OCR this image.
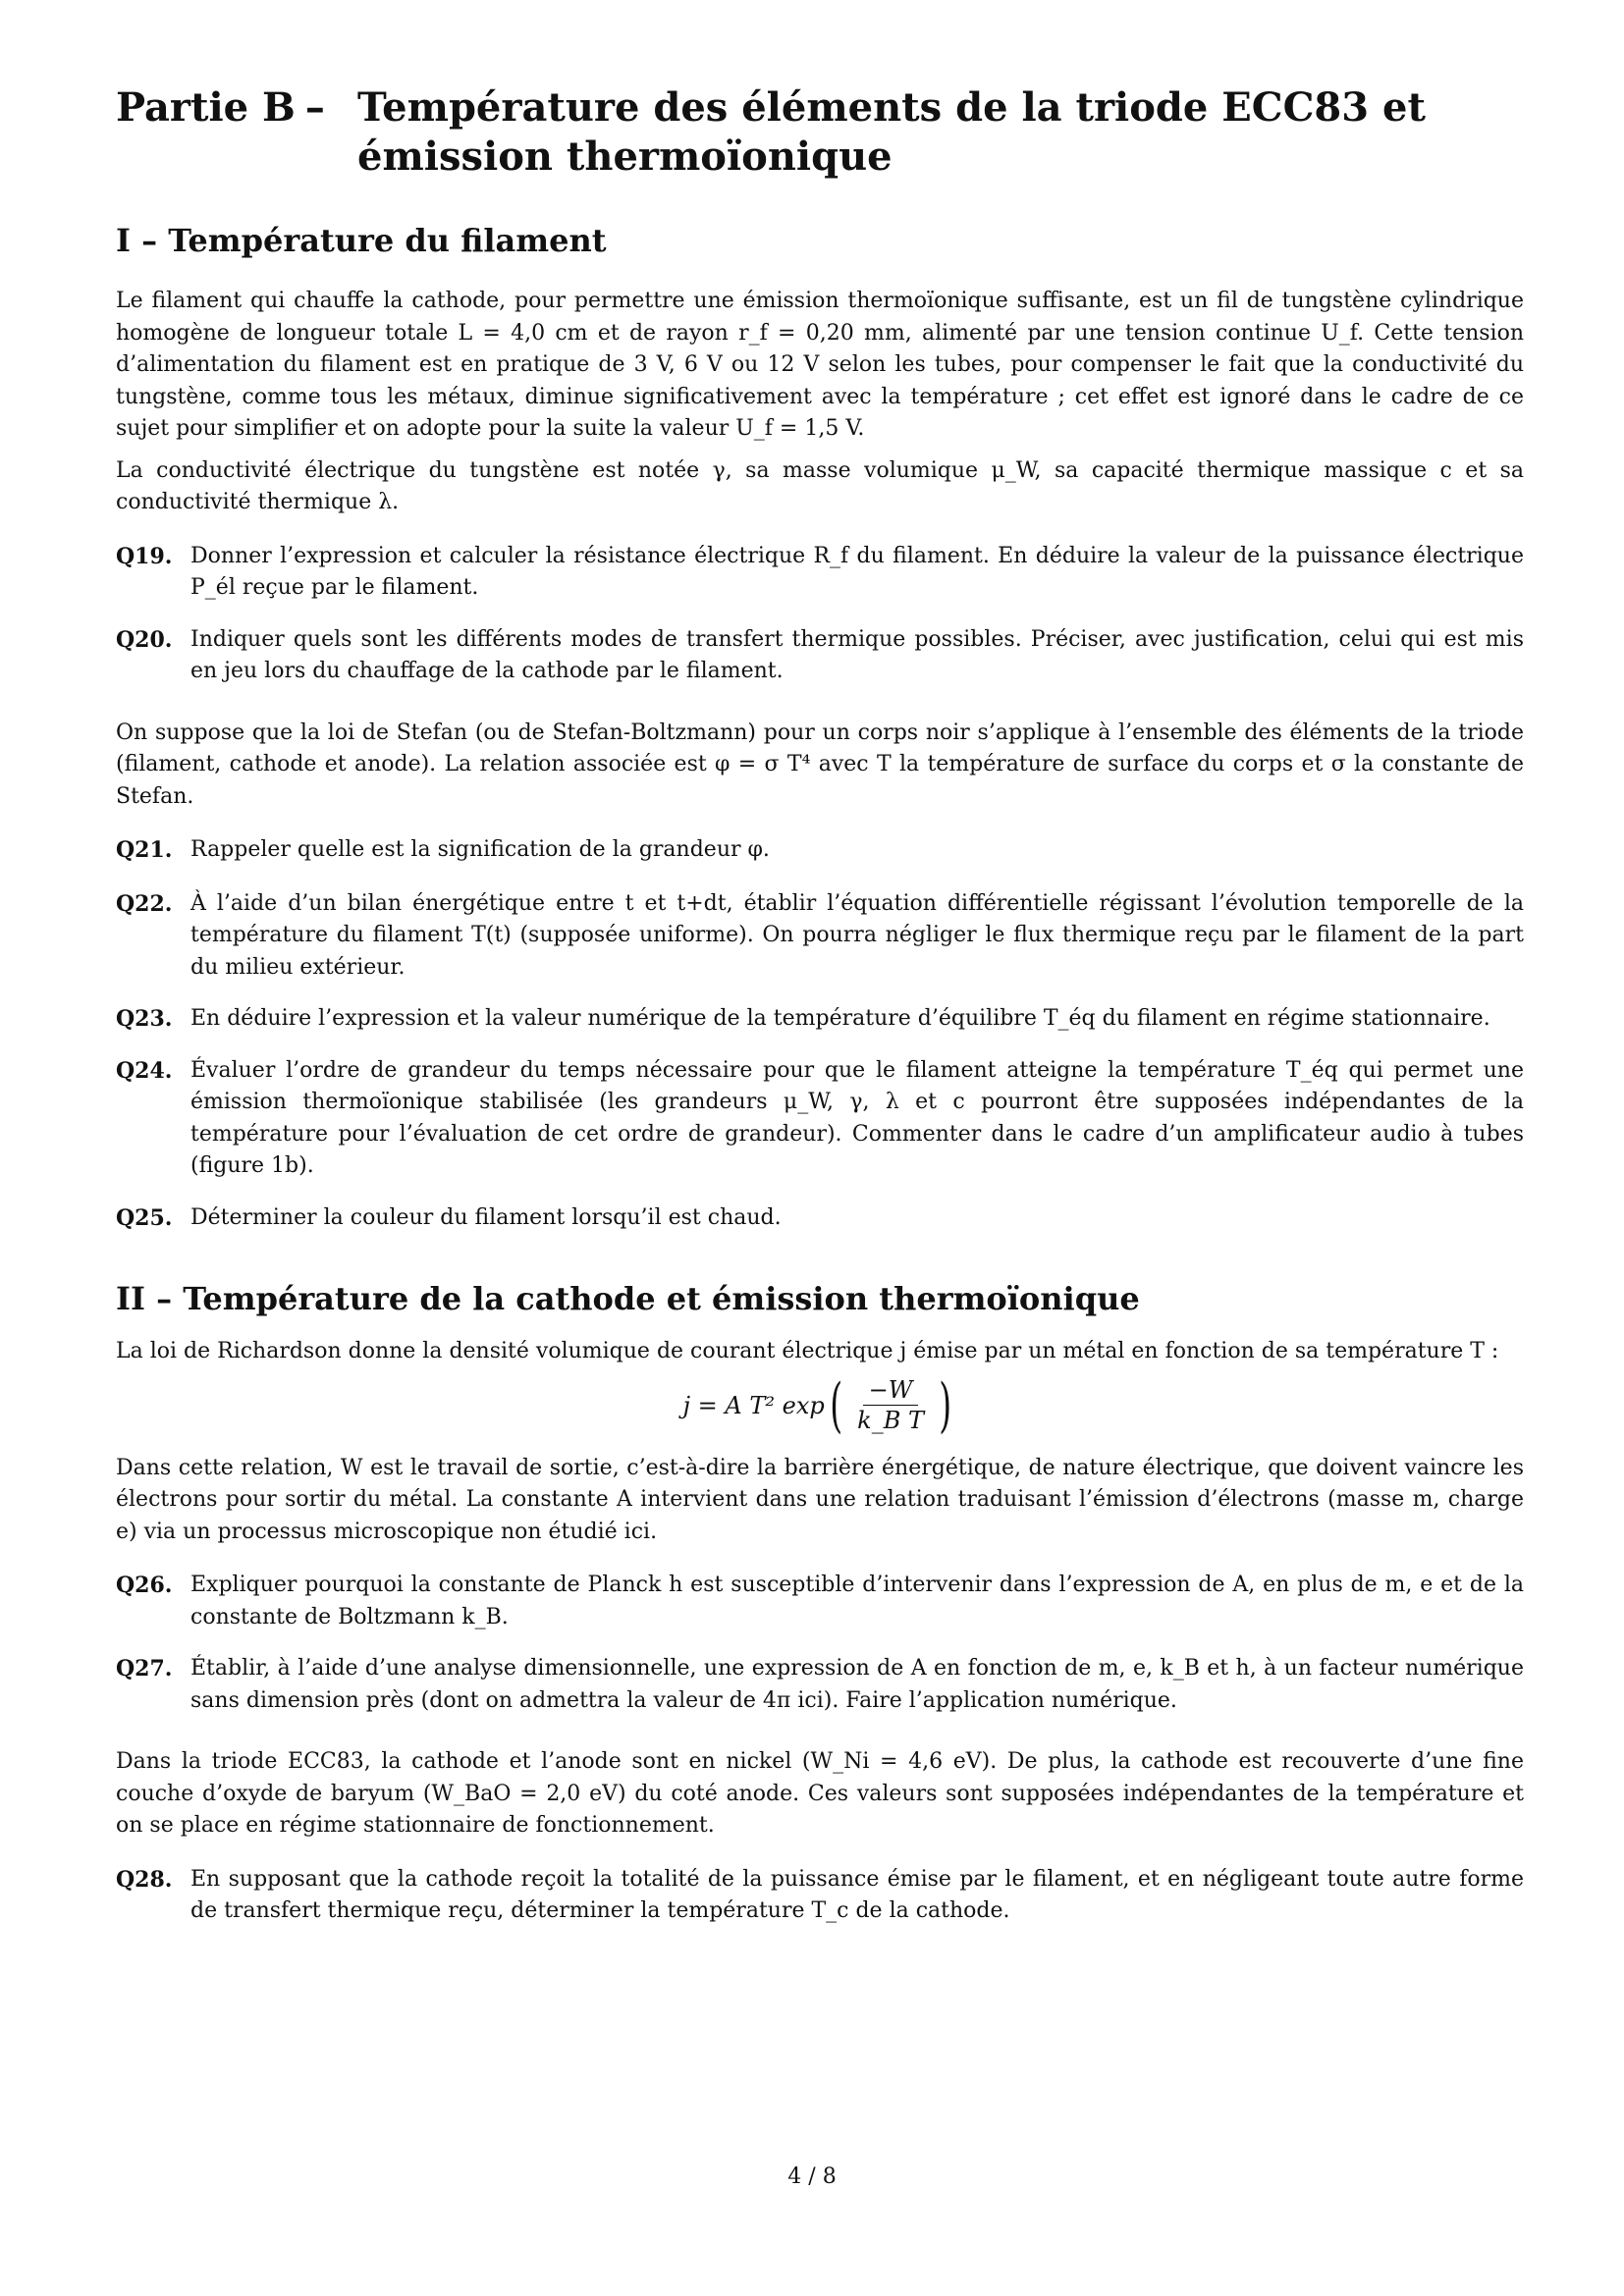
Partie B – Température des éléments de la triode ECC83 et émission thermoïonique
I – Température du filament

Le filament qui chauffe la cathode, pour permettre une émission thermoïonique suffisante, est un fil de tungstène cylindrique homogène de longueur totale L = 4,0 cm et de rayon r_f = 0,20 mm, alimenté par une tension continue U_f. Cette tension d’alimentation du filament est en pratique de 3 V, 6 V ou 12 V selon les tubes, pour compenser le fait que la conductivité du tungstène, comme tous les métaux, diminue significativement avec la température ; cet effet est ignoré dans le cadre de ce sujet pour simplifier et on adopte pour la suite la valeur U_f = 1,5 V.

La conductivité électrique du tungstène est notée γ, sa masse volumique μ_W, sa capacité thermique massique c et sa conductivité thermique λ.

Q19. Donner l’expression et calculer la résistance électrique R_f du filament. En déduire la valeur de la puissance électrique P_él reçue par le filament.
Q20. Indiquer quels sont les différents modes de transfert thermique possibles. Préciser, avec justification, celui qui est mis en jeu lors du chauffage de la cathode par le filament.

On suppose que la loi de Stefan (ou de Stefan-Boltzmann) pour un corps noir s’applique à l’ensemble des éléments de la triode (filament, cathode et anode). La relation associée est φ = σ T⁴ avec T la température de surface du corps et σ la constante de Stefan.

Q21. Rappeler quelle est la signification de la grandeur φ.
Q22. À l’aide d’un bilan énergétique entre t et t+dt, établir l’équation différentielle régissant l’évolution temporelle de la température du filament T(t) (supposée uniforme). On pourra négliger le flux thermique reçu par le filament de la part du milieu extérieur.
Q23. En déduire l’expression et la valeur numérique de la température d’équilibre T_éq du filament en régime stationnaire.
Q24. Évaluer l’ordre de grandeur du temps nécessaire pour que le filament atteigne la température T_éq qui permet une émission thermoïonique stabilisée (les grandeurs μ_W, γ, λ et c pourront être supposées indépendantes de la température pour l’évaluation de cet ordre de grandeur). Commenter dans le cadre d’un amplificateur audio à tubes (figure 1b).
Q25. Déterminer la couleur du filament lorsqu’il est chaud.
II – Température de la cathode et émission thermoïonique

La loi de Richardson donne la densité volumique de courant électrique j émise par un métal en fonction de sa température T :

j = A T² exp ( $\frac{-W}{\text{k\_B T}}$ )

Dans cette relation, W est le travail de sortie, c’est-à-dire la barrière énergétique, de nature électrique, que doivent vaincre les électrons pour sortir du métal. La constante A intervient dans une relation traduisant l’émission d’électrons (masse m, charge e) via un processus microscopique non étudié ici.

Q26. Expliquer pourquoi la constante de Planck h est susceptible d’intervenir dans l’expression de A, en plus de m, e et de la constante de Boltzmann k_B.
Q27. Établir, à l’aide d’une analyse dimensionnelle, une expression de A en fonction de m, e, k_B et h, à un facteur numérique sans dimension près (dont on admettra la valeur de 4π ici). Faire l’application numérique.

Dans la triode ECC83, la cathode et l’anode sont en nickel (W_Ni = 4,6 eV). De plus, la cathode est recouverte d’une fine couche d’oxyde de baryum (W_BaO = 2,0 eV) du coté anode. Ces valeurs sont supposées indépendantes de la température et on se place en régime stationnaire de fonctionnement.

Q28. En supposant que la cathode reçoit la totalité de la puissance émise par le filament, et en négligeant toute autre forme de transfert thermique reçu, déterminer la température T_c de la cathode.
4 / 8
